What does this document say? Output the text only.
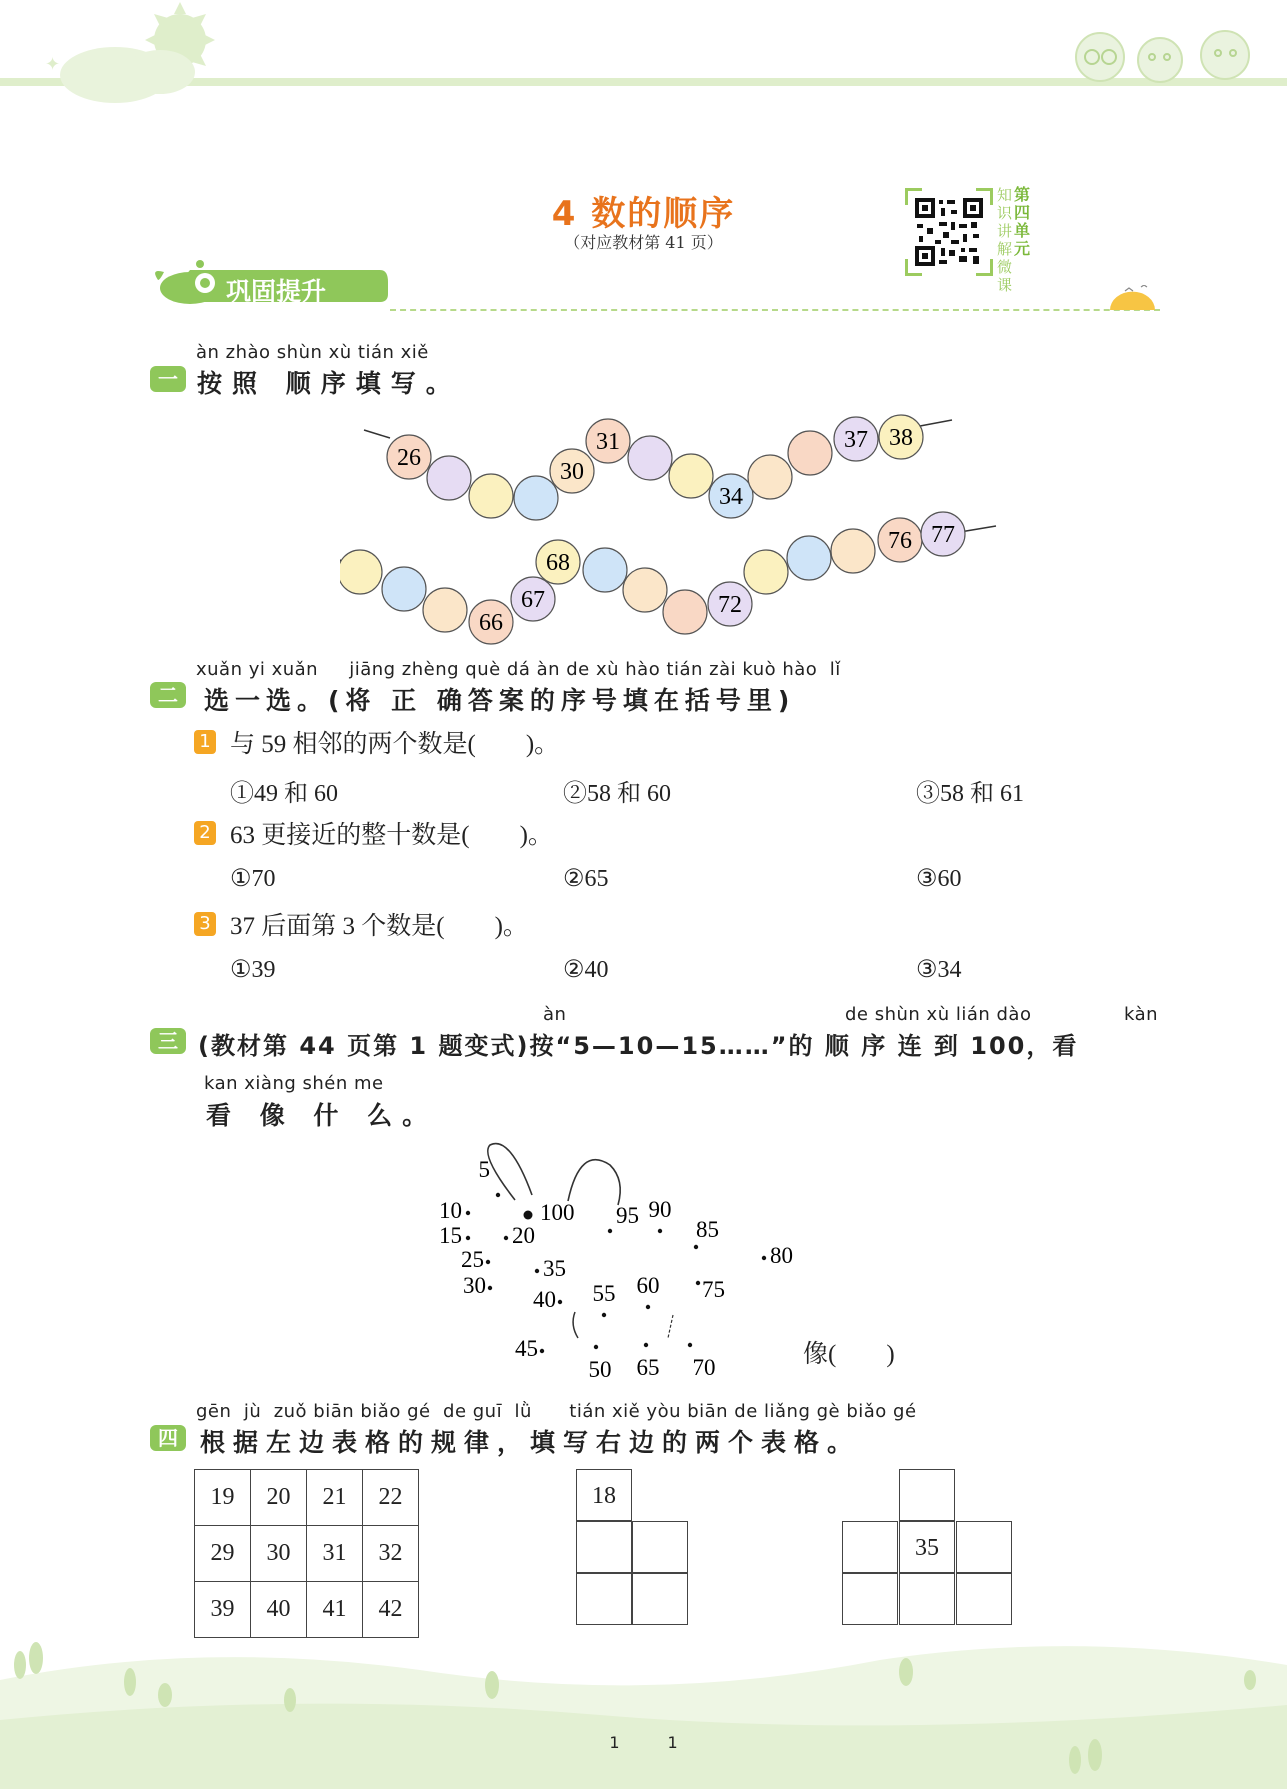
✦
4 数的顺序
（对应教材第 41 页）
知识讲解微课
第四单元
巩固提升
一
àn zhào shùn xù tián xiě
按照 顺序填写。
26
30
31
34
37 38
66
67
68
72
76 77
二
xuǎn yi xuǎn     jiāng zhèng què dá àn de xù hào tián zài kuò hào  lǐ
选一选。(将 正 确答案的序号填在括号里)
1 与 59 相邻的两个数是(　　)。
①49 和 60	②58 和 60	③58 和 61
2 63 更接近的整十数是(　　)。
①70	②65	③60
3 37 后面第 3 个数是(　　)。
①39	②40	③34
三
àn	de shùn xù lián dào	kàn
(教材第 44 页第 1 题变式)按“5—10—15……”的 顺 序 连 到 100，看
kan xiàng shén me
看 像 什 么。
5
10
15 20
25
30
35
40
45
50
55 60
65 70
75
80
85
90
95
100
像(　　)
四
gēn  jù  zuǒ biān biǎo gé  de guī  lǜ      tián xiě yòu biān de liǎng gè biǎo gé
根据左边表格的规律，填写右边的两个表格。
19	20	21	22
29	30	31	32
39	40	41	42
18
35
1　　　1
